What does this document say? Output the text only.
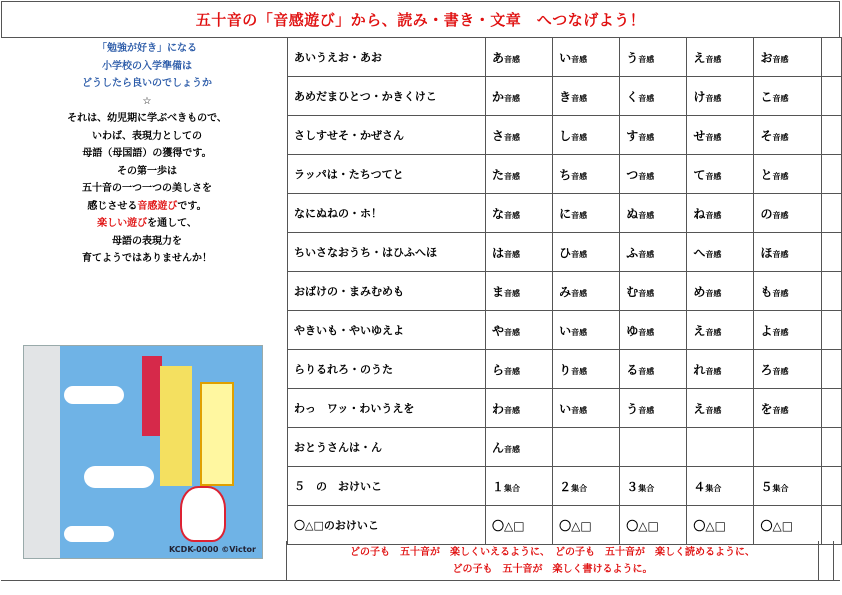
五十音の「音感遊び」から、読み・書き・文章　へつなげよう！
「勉強が好き」になる
小学校の入学準備は
どうしたら良いのでしょうか
☆
それは、幼児期に学ぶべきもので、
いわば、表現力としての
母語（母国語）の獲得です。
その第一歩は
五十音の一つ一つの美しさを
感じさせる音感遊びです。
楽しい遊びを通して、
母語の表現力を
育てようではありませんか！
KCDK-0000 ©Victor
あいうえお・あお	あ音感	い音感	う音感	え音感	お音感	
あめだまひとつ・かきくけこ	か音感	き音感	く音感	け音感	こ音感	
さしすせそ・かぜさん	さ音感	し音感	す音感	せ音感	そ音感	
ラッパは・たちつてと	た音感	ち音感	つ音感	て音感	と音感	
なにぬねの・ホ！	な音感	に音感	ぬ音感	ね音感	の音感	
ちいさなおうち・はひふへほ	は音感	ひ音感	ふ音感	へ音感	ほ音感	
おばけの・まみむめも	ま音感	み音感	む音感	め音感	も音感	
やきいも・やいゆえよ	や音感	い音感	ゆ音感	え音感	よ音感	
らりるれろ・のうた	ら音感	り音感	る音感	れ音感	ろ音感	
わっ　ワッ・わいうえを	わ音感	い音感	う音感	え音感	を音感	
おとうさんは・ん	ん音感					
５　の　おけいこ	１集合	２集合	３集合	４集合	５集合	
〇△□のおけいこ	〇△□	〇△□	〇△□	〇△□	〇△□	
どの子も　五十音が　楽しくいえるように、　どの子も　五十音が　楽しく読めるように、
どの子も　五十音が　楽しく書けるように。
